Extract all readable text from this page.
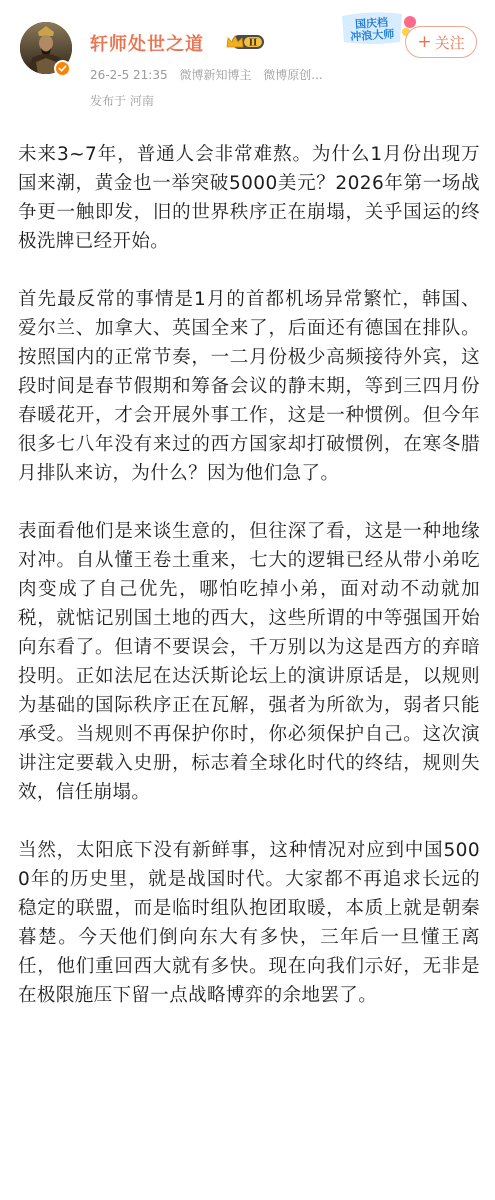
轩师处世之道	II
26-2-5 21:35 微博新知博主 微博原创...
发布于 河南
国庆档
冲浪大师	+ 关注

未来3~7年，普通人会非常难熬。为什么1月份出现万国来潮，黄金也一举突破5000美元？2026年第一场战争更一触即发，旧的世界秩序正在崩塌，关乎国运的终极洗牌已经开始。

首先最反常的事情是1月的首都机场异常繁忙，韩国、爱尔兰、加拿大、英国全来了，后面还有德国在排队。按照国内的正常节奏，一二月份极少高频接待外宾，这段时间是春节假期和筹备会议的静末期，等到三四月份春暖花开，才会开展外事工作，这是一种惯例。但今年很多七八年没有来过的西方国家却打破惯例，在寒冬腊月排队来访，为什么？因为他们急了。

表面看他们是来谈生意的，但往深了看，这是一种地缘对冲。自从懂王卷土重来，七大的逻辑已经从带小弟吃肉变成了自己优先，哪怕吃掉小弟，面对动不动就加税，就惦记别国土地的西大，这些所谓的中等强国开始向东看了。但请不要误会，千万别以为这是西方的弃暗投明。正如法尼在达沃斯论坛上的演讲原话是，以规则为基础的国际秩序正在瓦解，强者为所欲为，弱者只能承受。当规则不再保护你时，你必须保护自己。这次演讲注定要载入史册，标志着全球化时代的终结，规则失效，信任崩塌。

当然，太阳底下没有新鲜事，这种情况对应到中国5000年的历史里，就是战国时代。大家都不再追求长远的稳定的联盟，而是临时组队抱团取暖，本质上就是朝秦暮楚。今天他们倒向东大有多快，三年后一旦懂王离任，他们重回西大就有多快。现在向我们示好，无非是在极限施压下留一点战略博弈的余地罢了。
